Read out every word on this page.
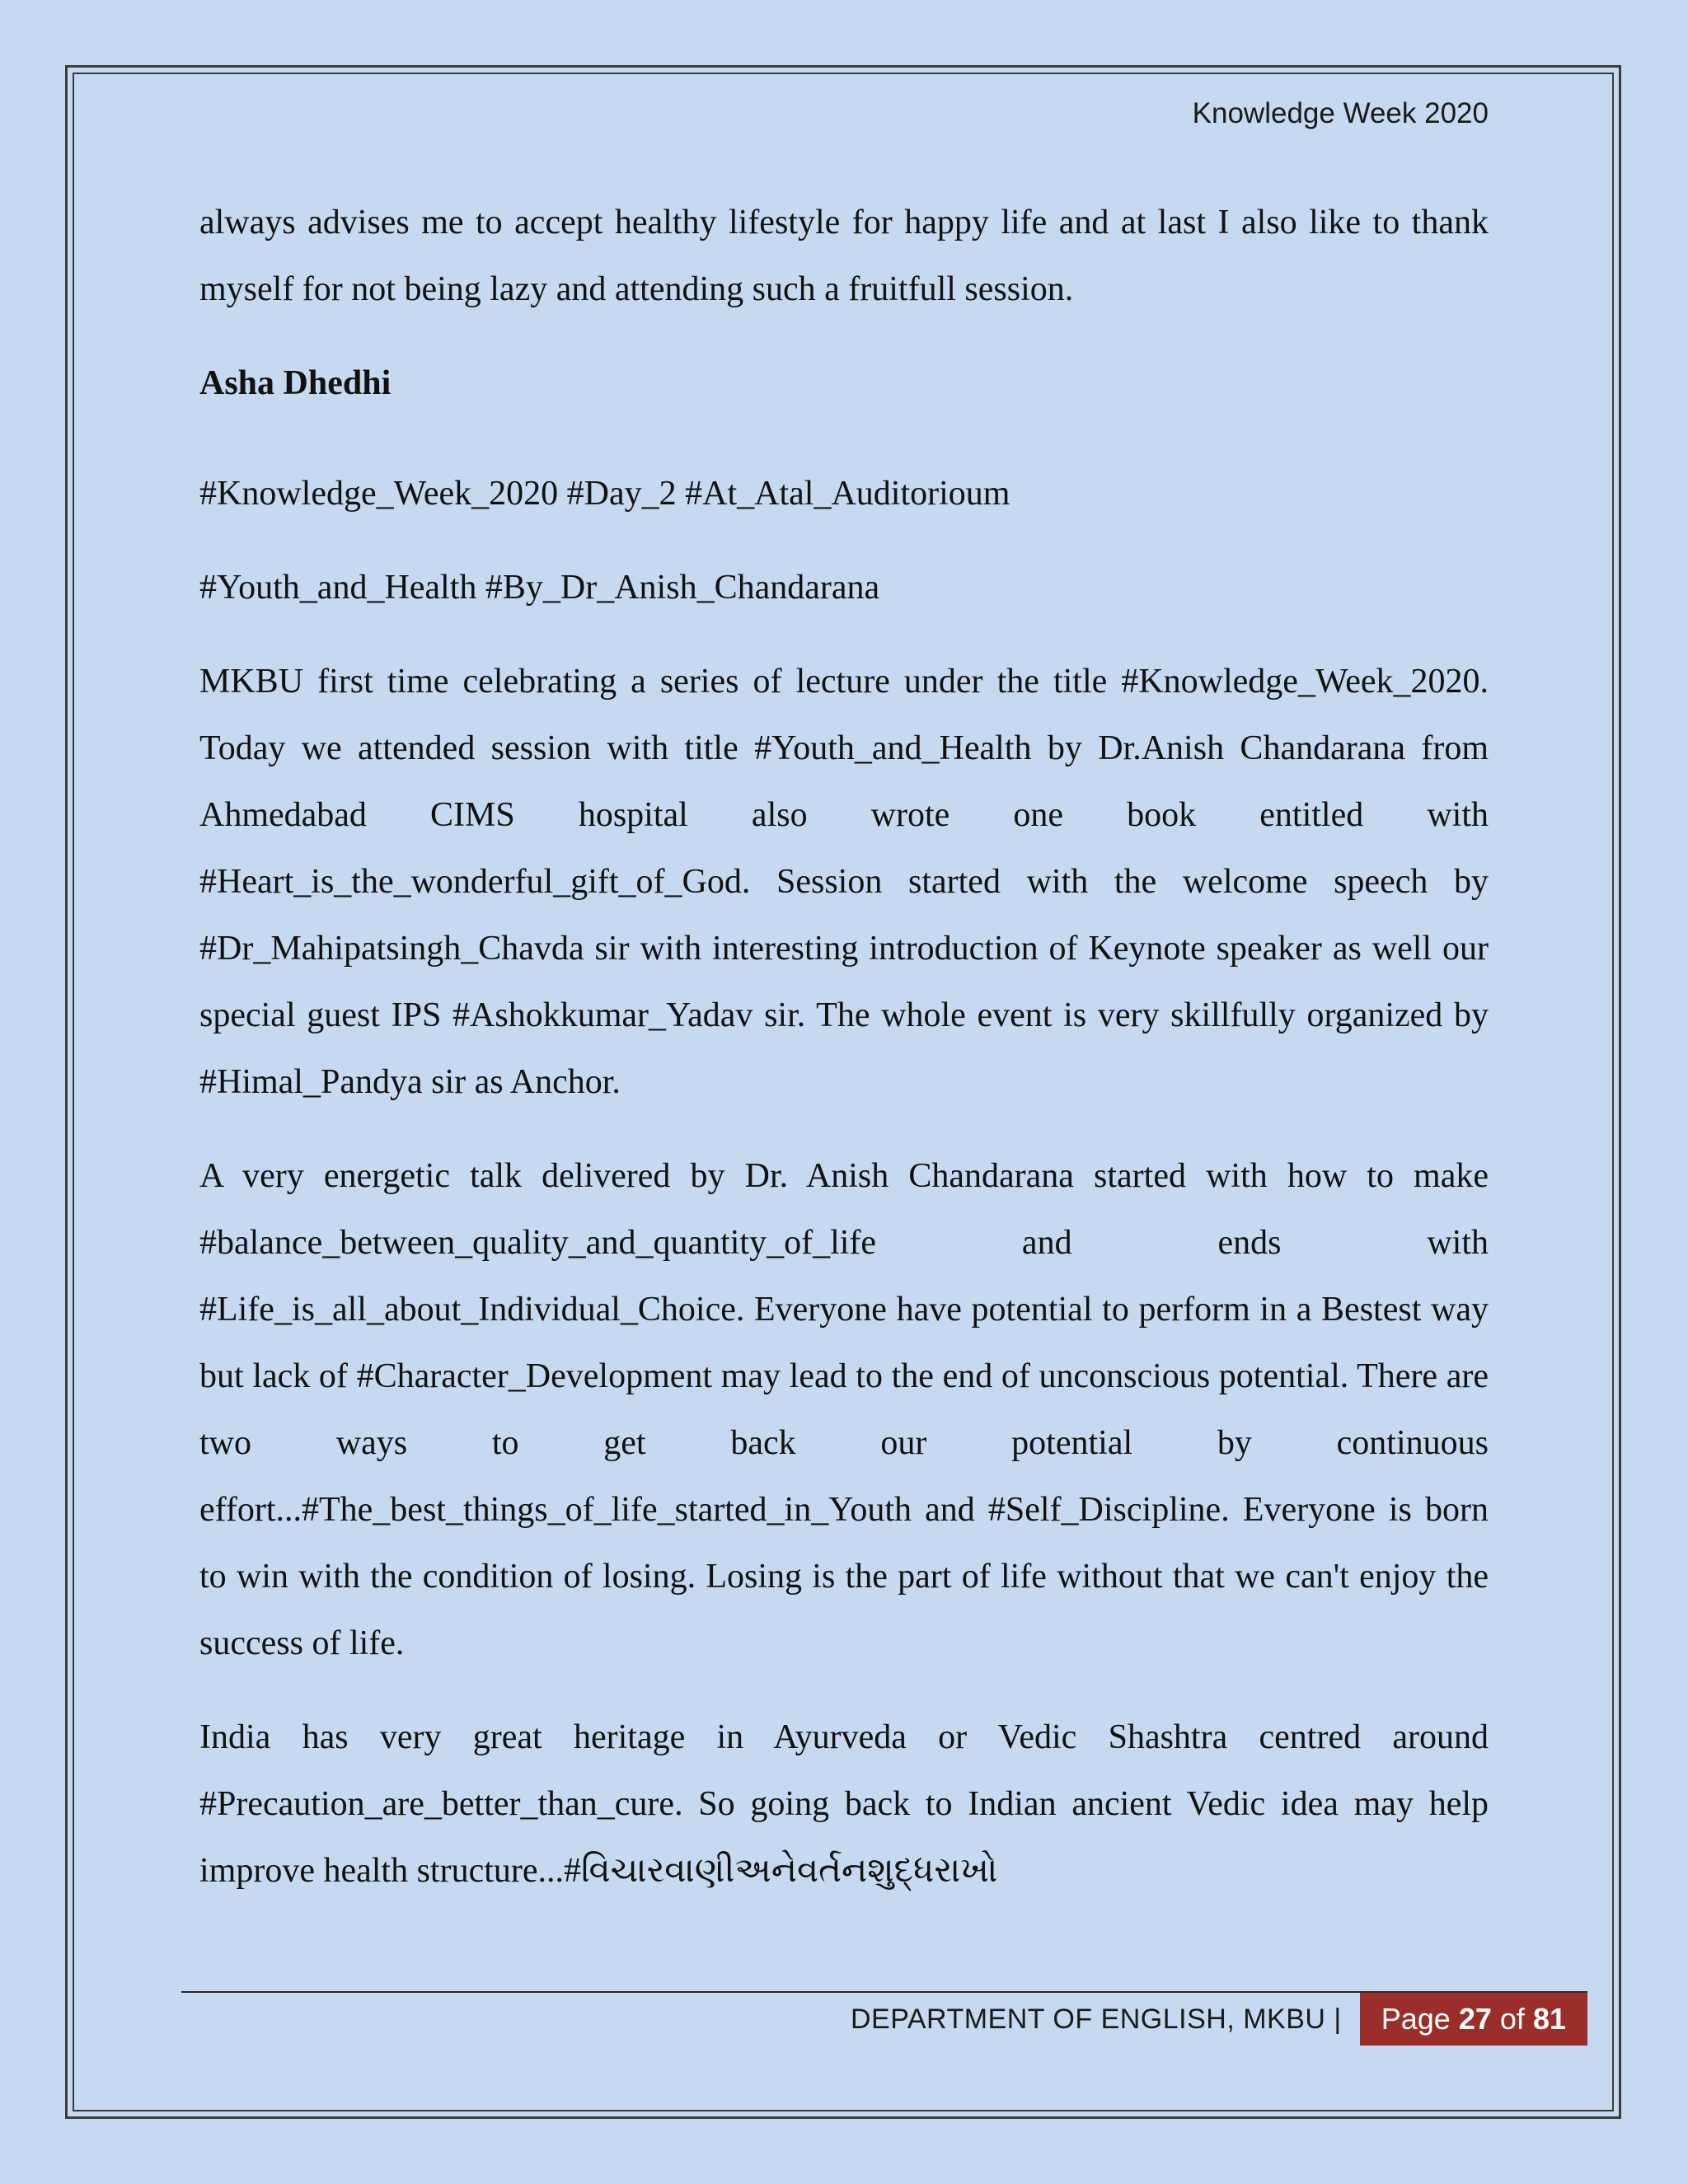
Knowledge Week 2020

always advises me to accept healthy lifestyle for happy life and at last I also like to thank myself for not being lazy and attending such a fruitfull session.

Asha Dhedhi

#Knowledge_Week_2020 #Day_2 #At_Atal_Auditorioum

#Youth_and_Health #By_Dr_Anish_Chandarana

MKBU first time celebrating a series of lecture under the title #Knowledge_Week_2020. Today we attended session with title #Youth_and_Health by Dr.Anish Chandarana from Ahmedabad CIMS hospital also wrote one book entitled with #Heart_is_the_wonderful_gift_of_God. Session started with the welcome speech by #Dr_Mahipatsingh_Chavda sir with interesting introduction of Keynote speaker as well our special guest IPS #Ashokkumar_Yadav sir. The whole event is very skillfully organized by #Himal_Pandya sir as Anchor.

A very energetic talk delivered by Dr. Anish Chandarana started with how to make #balance_between_quality_and_quantity_of_life and ends with #Life_is_all_about_Individual_Choice. Everyone have potential to perform in a Bestest way but lack of #Character_Development may lead to the end of unconscious potential. There are two ways to get back our potential by continuous effort...#The_best_things_of_life_started_in_Youth and #Self_Discipline. Everyone is born to win with the condition of losing. Losing is the part of life without that we can't enjoy the success of life.

India has very great heritage in Ayurveda or Vedic Shashtra centred around #Precaution_are_better_than_cure. So going back to Indian ancient Vedic idea may help improve health structure...#વિચારવાણીઅનેવર્તનશુદ્ધરાખો

DEPARTMENT OF ENGLISH, MKBU | Page
27
of
81
